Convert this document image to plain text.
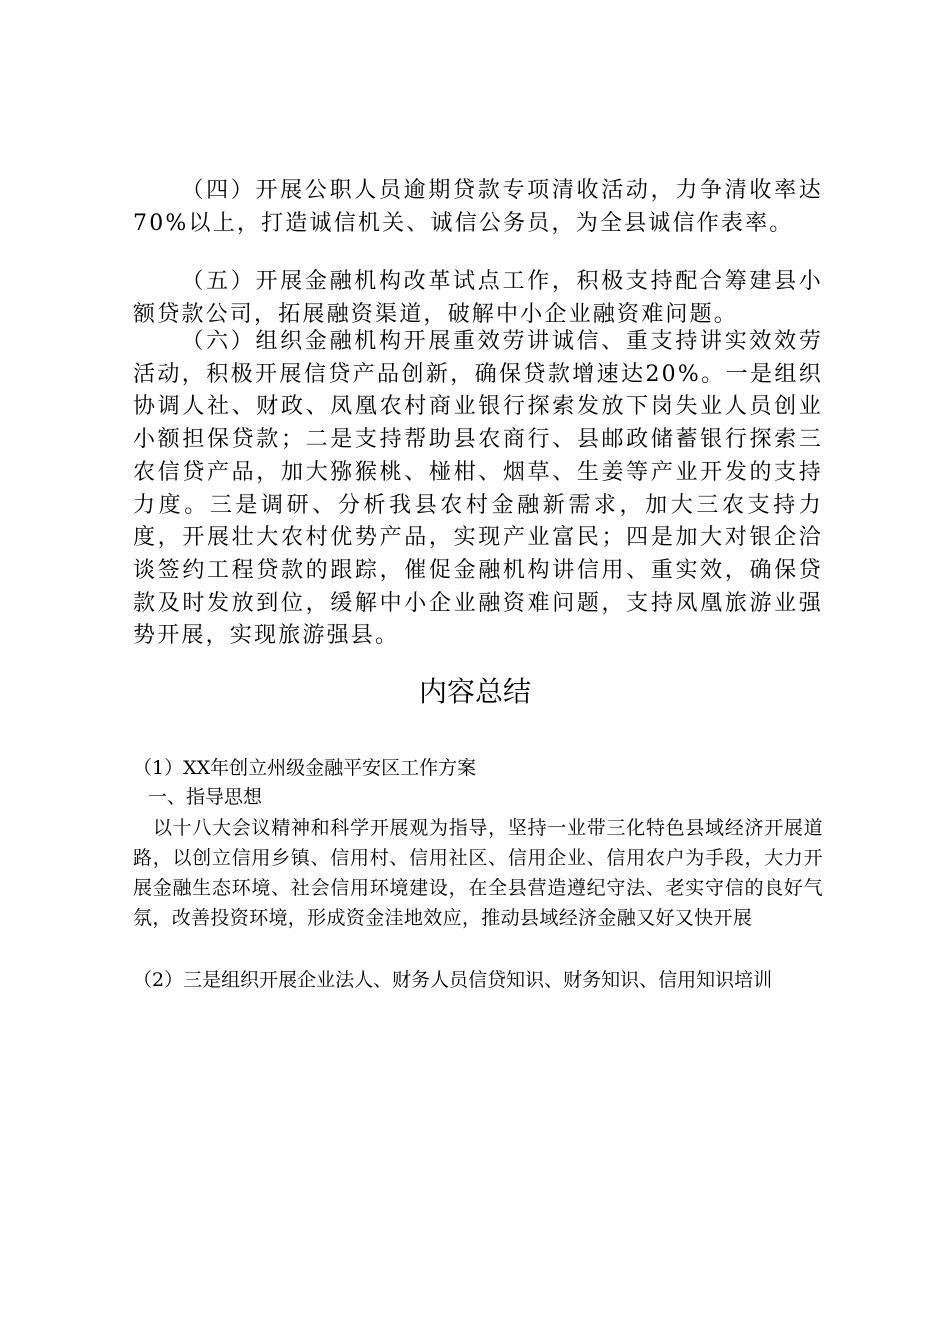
（四）开展公职人员逾期贷款专项清收活动，力争清收率达70%以上，打造诚信机关、诚信公务员，为全县诚信作表率。

（五）开展金融机构改革试点工作，积极支持配合筹建县小额贷款公司，拓展融资渠道，破解中小企业融资难问题。

（六）组织金融机构开展重效劳讲诚信、重支持讲实效效劳活动，积极开展信贷产品创新，确保贷款增速达20%。一是组织协调人社、财政、凤凰农村商业银行探索发放下岗失业人员创业小额担保贷款；二是支持帮助县农商行、县邮政储蓄银行探索三农信贷产品，加大猕猴桃、椪柑、烟草、生姜等产业开发的支持力度。三是调研、分析我县农村金融新需求，加大三农支持力度，开展壮大农村优势产品，实现产业富民；四是加大对银企洽谈签约工程贷款的跟踪，催促金融机构讲信用、重实效，确保贷款及时发放到位，缓解中小企业融资难问题，支持凤凰旅游业强势开展，实现旅游强县。

内容总结

（1）XX年创立州级金融平安区工作方案

一、指导思想

以十八大会议精神和科学开展观为指导，坚持一业带三化特色县域经济开展道路，以创立信用乡镇、信用村、信用社区、信用企业、信用农户为手段，大力开展金融生态环境、社会信用环境建设，在全县营造遵纪守法、老实守信的良好气氛，改善投资环境，形成资金洼地效应，推动县域经济金融又好又快开展

（2）三是组织开展企业法人、财务人员信贷知识、财务知识、信用知识培训
